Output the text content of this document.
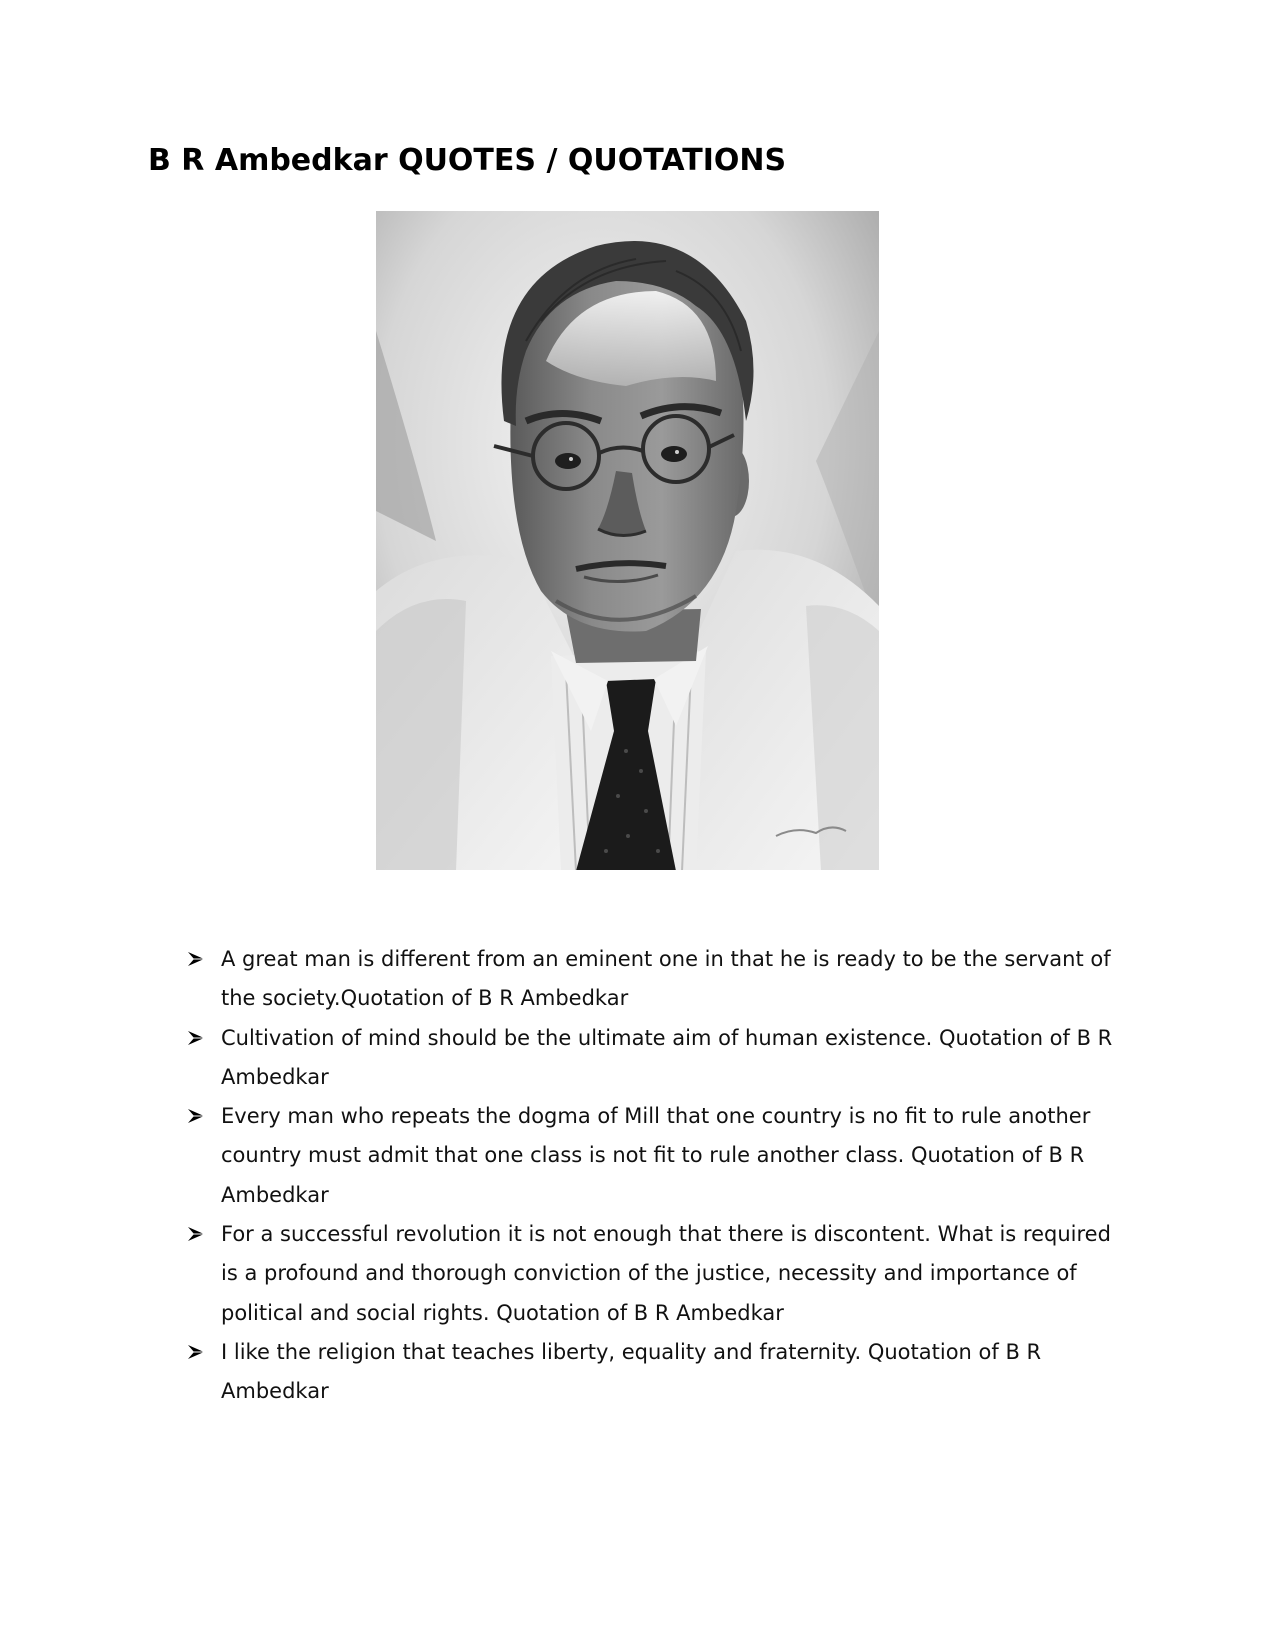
B R Ambedkar QUOTES / QUOTATIONS
A great man is different from an eminent one in that he is ready to be the servant of the society.Quotation of B R Ambedkar
Cultivation of mind should be the ultimate aim of human existence. Quotation of B R Ambedkar
Every man who repeats the dogma of Mill that one country is no fit to rule another country must admit that one class is not fit to rule another class. Quotation of B R Ambedkar
For a successful revolution it is not enough that there is discontent. What is required is a profound and thorough conviction of the justice, necessity and importance of political and social rights. Quotation of B R Ambedkar
I like the religion that teaches liberty, equality and fraternity. Quotation of B R Ambedkar
